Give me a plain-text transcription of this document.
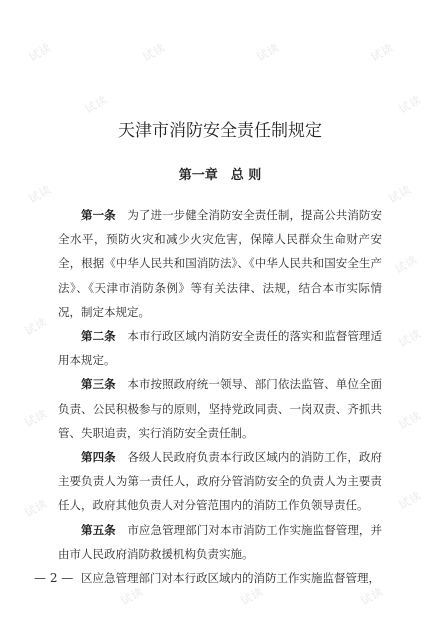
试读	试读	试读	试读
试读	试读
试读	试读
试读
试读
试读
试读	试读
试读	试读
试读	试读	试读
天津市消防安全责任制规定
第一章 总 则

第一条  为了进一步健全消防安全责任制，提高公共消防安全水平，预防火灾和减少火灾危害，保障人民群众生命财产安全，根据《中华人民共和国消防法》、《中华人民共和国安全生产法》、《天津市消防条例》等有关法律、法规，结合本市实际情况，制定本规定。

第二条  本市行政区域内消防安全责任的落实和监督管理适用本规定。

第三条  本市按照政府统一领导、部门依法监管、单位全面负责、公民积极参与的原则，坚持党政同责、一岗双责、齐抓共管、失职追责，实行消防安全责任制。

第四条  各级人民政府负责本行政区域内的消防工作，政府主要负责人为第一责任人，政府分管消防安全的负责人为主要责任人，政府其他负责人对分管范围内的消防工作负领导责任。

第五条  市应急管理部门对本市消防工作实施监督管理，并由市人民政府消防救援机构负责实施。

区应急管理部门对本行政区域内的消防工作实施监督管理，

— 2 —
